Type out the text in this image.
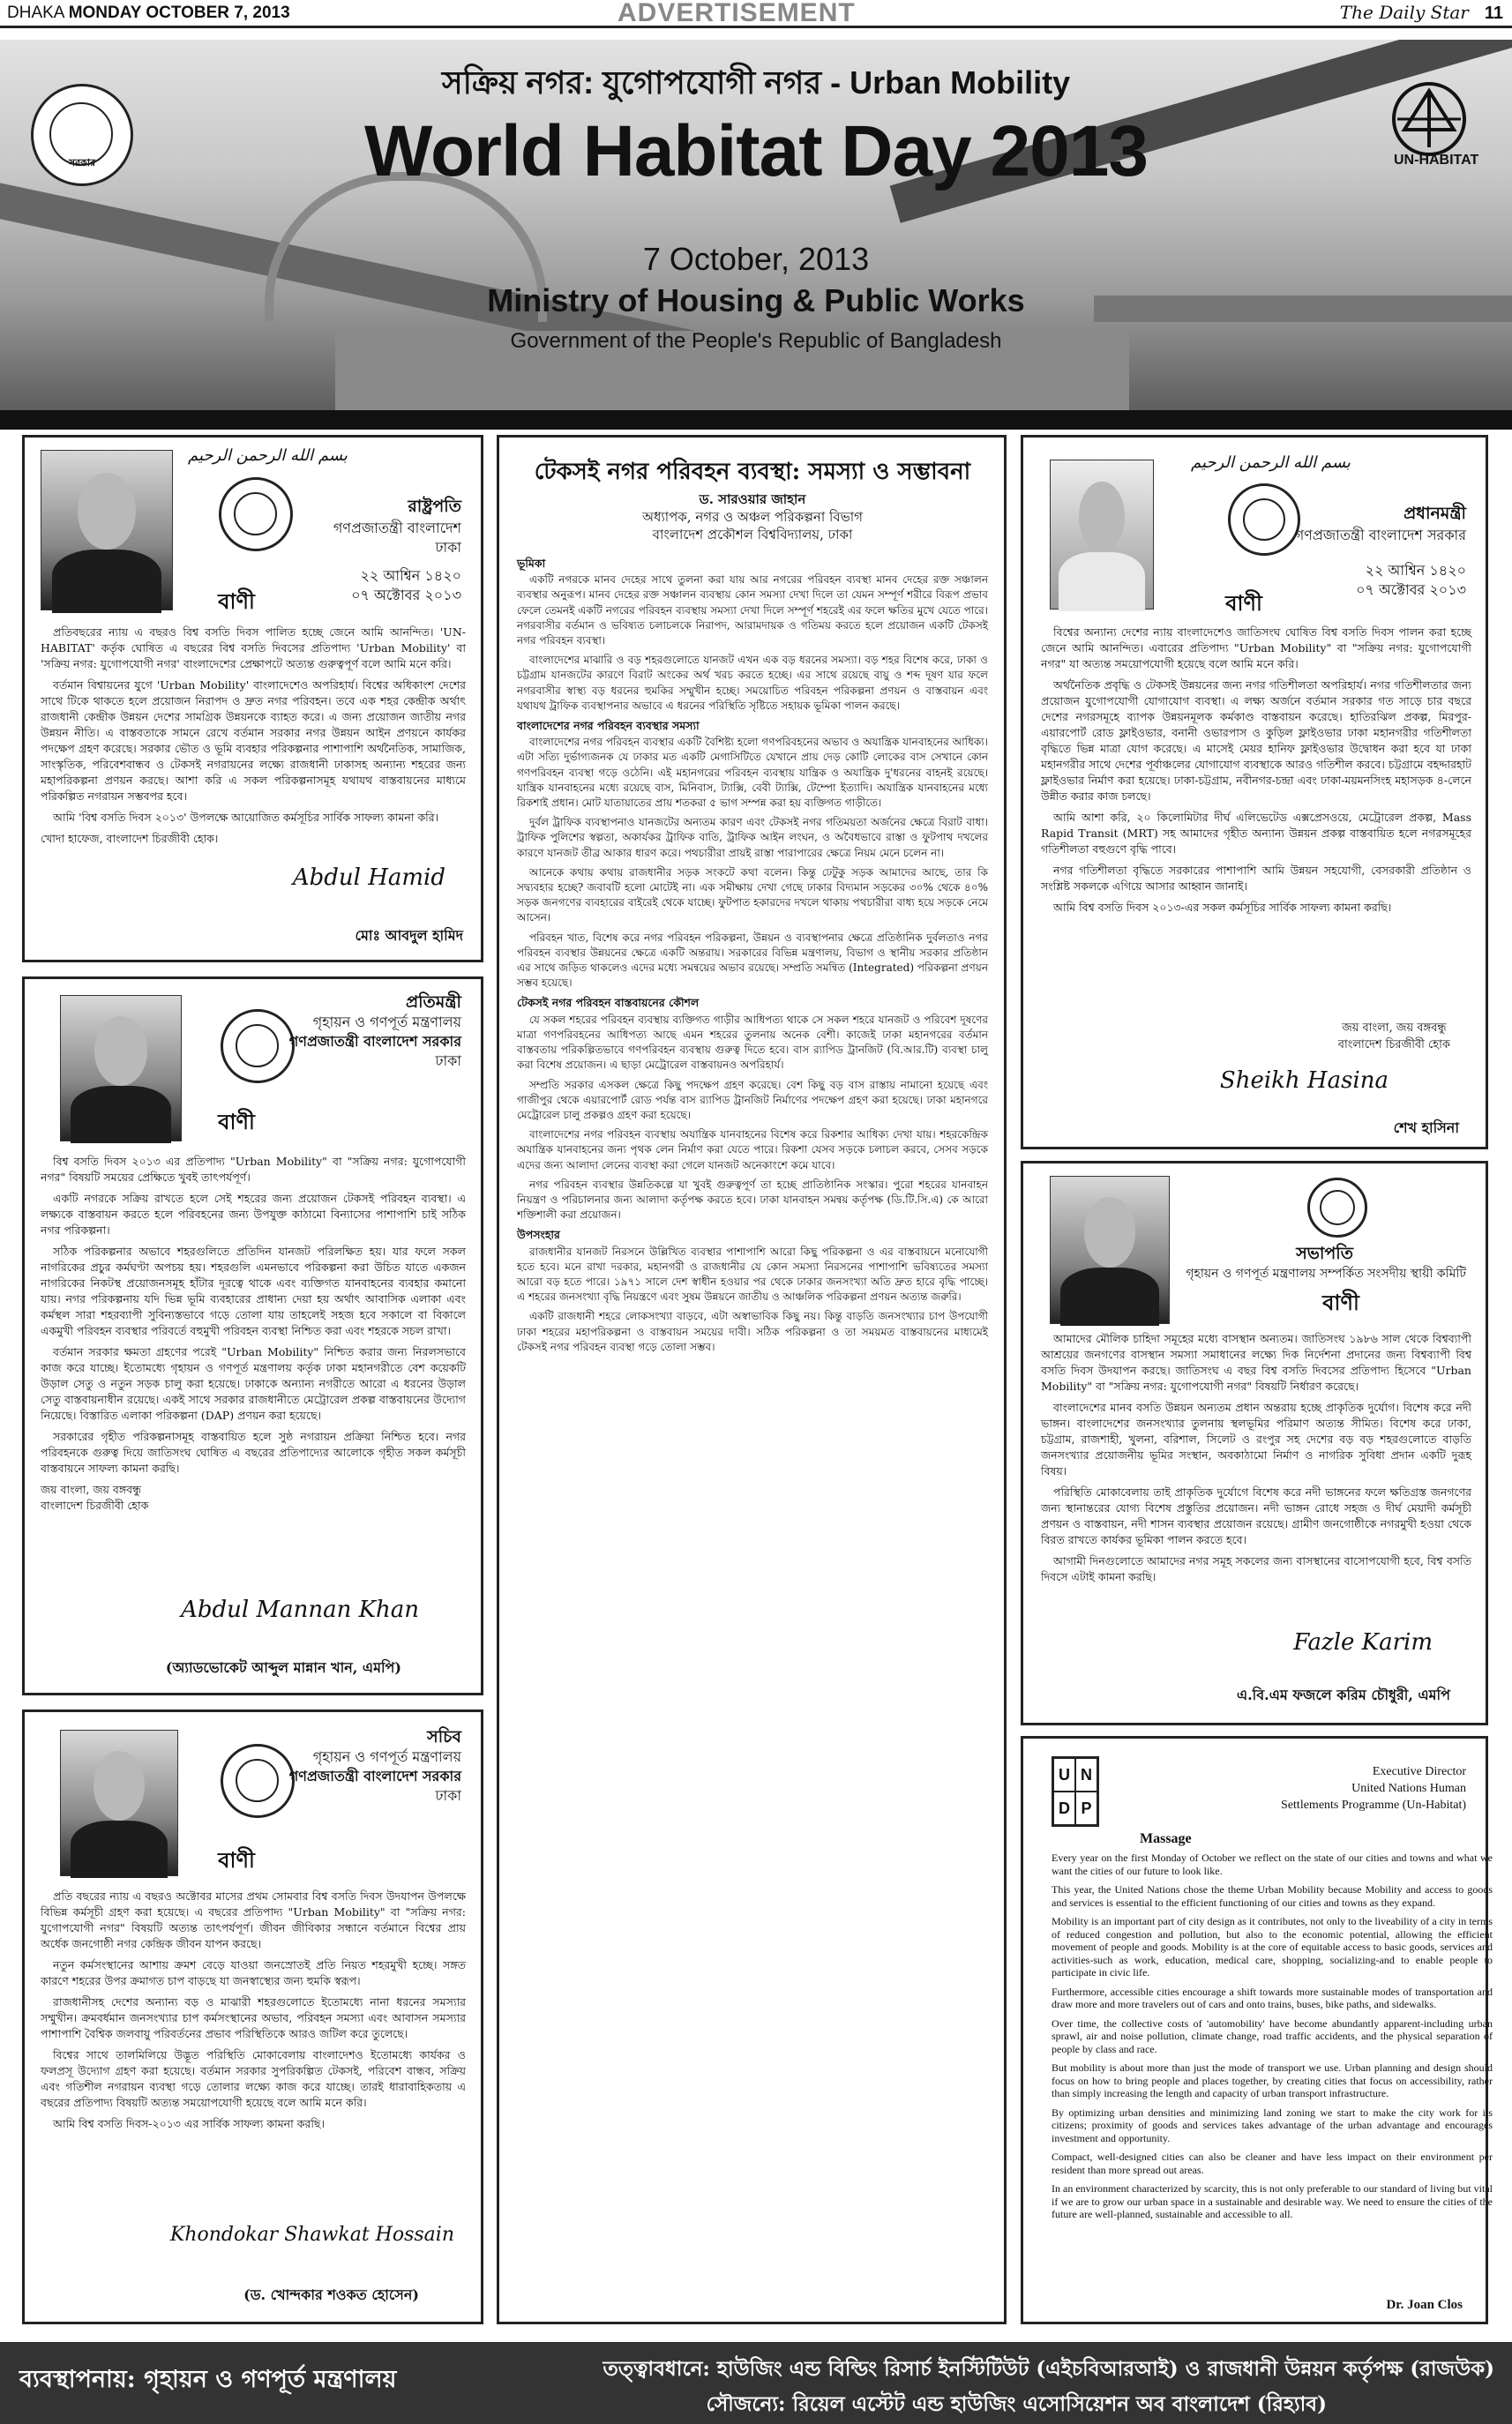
DHAKA MONDAY OCTOBER 7, 2013	ADVERTISEMENT	The Daily Star 11
সরকার	UN-HABITAT
সক্রিয় নগর: যুগোপযোগী নগর - Urban Mobility
World Habitat Day 2013
7 October, 2013
Ministry of Housing & Public Works
Government of the People's Republic of Bangladesh
بسم الله الرحمن الرحيم
রাষ্ট্রপতি
গণপ্রজাতন্ত্রী বাংলাদেশ
ঢাকা
২২ আশ্বিন ১৪২০
০৭ অক্টোবর ২০১৩
বাণী

প্রতিবছরের ন্যায় এ বছরও বিশ্ব বসতি দিবস পালিত হচ্ছে জেনে আমি আনন্দিত। 'UN-HABITAT' কর্তৃক ঘোষিত এ বছরের বিশ্ব বসতি দিবসের প্রতিপাদ্য 'Urban Mobility' বা 'সক্রিয় নগর: যুগোপযোগী নগর' বাংলাদেশের প্রেক্ষাপটে অত্যন্ত গুরুত্বপূর্ণ বলে আমি মনে করি।

বর্তমান বিশ্বায়নের যুগে 'Urban Mobility' বাংলাদেশেও অপরিহার্য। বিশ্বের অধিকাংশ দেশের সাথে টিকে থাকতে হলে প্রয়োজন নিরাপদ ও দ্রুত নগর পরিবহন। তবে এক শহর কেন্দ্রীক অর্থাৎ রাজধানী কেন্দ্রীক উন্নয়ন দেশের সামগ্রিক উন্নয়নকে ব্যাহত করে। এ জন্য প্রয়োজন জাতীয় নগর উন্নয়ন নীতি। এ বাস্তবতাকে সামনে রেখে বর্তমান সরকার নগর উন্নয়ন আইন প্রণয়নে কার্যকর পদক্ষেপ গ্রহণ করেছে। সরকার ভৌত ও ভূমি ব্যবহার পরিকল্পনার পাশাপাশি অর্থনৈতিক, সামাজিক, সাংস্কৃতিক, পরিবেশবান্ধব ও টেকসই নগরায়নের লক্ষ্যে রাজধানী ঢাকাসহ অন্যান্য শহরের জন্য মহাপরিকল্পনা প্রণয়ন করছে। আশা করি এ সকল পরিকল্পনাসমূহ যথাযথ বাস্তবায়নের মাধ্যমে পরিকল্পিত নগরায়ন সম্ভবপর হবে।

আমি 'বিশ্ব বসতি দিবস ২০১৩' উপলক্ষে আয়োজিত কর্মসূচির সার্বিক সাফল্য কামনা করি।

খোদা হাফেজ, বাংলাদেশ চিরজীবী হোক।

Abdul Hamid
মোঃ আবদুল হামিদ
প্রতিমন্ত্রী
গৃহায়ন ও গণপূর্ত মন্ত্রণালয়
গণপ্রজাতন্ত্রী বাংলাদেশ সরকার
ঢাকা
বাণী

বিশ্ব বসতি দিবস ২০১৩ এর প্রতিপাদ্য "Urban Mobility" বা "সক্রিয় নগর: যুগোপযোগী নগর" বিষয়টি সময়ের প্রেক্ষিতে খুবই তাৎপর্যপূর্ণ।

একটি নগরকে সক্রিয় রাখতে হলে সেই শহরের জন্য প্রয়োজন টেকসই পরিবহন ব্যবস্থা। এ লক্ষ্যকে বাস্তবায়ন করতে হলে পরিবহনের জন্য উপযুক্ত কাঠামো বিন্যাসের পাশাপাশি চাই সঠিক নগর পরিকল্পনা।

সঠিক পরিকল্পনার অভাবে শহরগুলিতে প্রতিদিন যানজট পরিলক্ষিত হয়। যার ফলে সকল নাগরিকের প্রচুর কর্মঘণ্টা অপচয় হয়। শহরগুলি এমনভাবে পরিকল্পনা করা উচিত যাতে একজন নাগরিকের নিকটস্থ প্রয়োজনসমূহ হাঁটার দূরত্বে থাকে এবং ব্যক্তিগত যানবাহনের ব্যবহার কমানো যায়। নগর পরিকল্পনায় যদি ভিন্ন ভূমি ব্যবহারের প্রাধান্য দেয়া হয় অর্থাৎ আবাসিক এলাকা এবং কর্মস্থল সারা শহরব্যাপী সুবিন্যস্তভাবে গড়ে তোলা যায় তাহলেই সহজ হবে সকালে বা বিকালে একমুখী পরিবহন ব্যবস্থার পরিবর্তে বহুমুখী পরিবহন ব্যবস্থা নিশ্চিত করা এবং শহরকে সচল রাখা।

বর্তমান সরকার ক্ষমতা গ্রহণের পরেই "Urban Mobility" নিশ্চিত করার জন্য নিরলসভাবে কাজ করে যাচ্ছে। ইতোমধ্যে গৃহায়ন ও গণপূর্ত মন্ত্রণালয় কর্তৃক ঢাকা মহানগরীতে বেশ কয়েকটি উড়াল সেতু ও নতুন সড়ক চালু করা হয়েছে। ঢাকাকে অন্যান্য নগরীতে আরো এ ধরনের উড়াল সেতু বাস্তবায়নাধীন রয়েছে। একই সাথে সরকার রাজধানীতে মেট্রোরেল প্রকল্প বাস্তবায়নের উদ্যোগ নিয়েছে। বিস্তারিত এলাকা পরিকল্পনা (DAP) প্রণয়ন করা হয়েছে।

সরকারের গৃহীত পরিকল্পনাসমূহ বাস্তবায়িত হলে সুষ্ঠ নগরায়ন প্রক্রিয়া নিশ্চিত হবে। নগর পরিবহনকে গুরুত্ব দিয়ে জাতিসংঘ ঘোষিত এ বছরের প্রতিপাদ্যের আলোকে গৃহীত সকল কর্মসূচী বাস্তবায়নে সাফল্য কামনা করছি।

জয় বাংলা, জয় বঙ্গবন্ধু

বাংলাদেশ চিরজীবী হোক

Abdul Mannan Khan
(অ্যাডভোকেট আব্দুল মান্নান খান, এমপি)
সচিব
গৃহায়ন ও গণপূর্ত মন্ত্রণালয়
গণপ্রজাতন্ত্রী বাংলাদেশ সরকার
ঢাকা
বাণী

প্রতি বছরের ন্যায় এ বছরও অক্টোবর মাসের প্রথম সোমবার বিশ্ব বসতি দিবস উদযাপন উপলক্ষে বিভিন্ন কর্মসূচী গ্রহণ করা হয়েছে। এ বছরের প্রতিপাদ্য "Urban Mobility" বা "সক্রিয় নগর: যুগোপযোগী নগর" বিষয়টি অত্যন্ত তাৎপর্যপূর্ণ। জীবন জীবিকার সন্ধানে বর্তমানে বিশ্বের প্রায় অর্ধেক জনগোষ্ঠী নগর কেন্দ্রিক জীবন যাপন করছে।

নতুন কর্মসংস্থানের আশায় ক্রমশ বেড়ে যাওয়া জনস্রোতই প্রতি নিয়ত শহরমুখী হচ্ছে। সঙ্গত কারণে শহরের উপর ক্রমাগত চাপ বাড়ছে যা জনস্বাস্থ্যের জন্য হুমকি স্বরূপ।

রাজধানীসহ দেশের অন্যান্য বড় ও মাঝারী শহরগুলোতে ইতোমধ্যে নানা ধরনের সমস্যার সম্মুখীন। ক্রমবর্ধমান জনসংখ্যার চাপ কর্মসংস্থানের অভাব, পরিবহন সমস্যা এবং আবাসন সমস্যার পাশাপাশি বৈশ্বিক জলবায়ু পরিবর্তনের প্রভাব পরিস্থিতিকে আরও জটিল করে তুলেছে।

বিশ্বের সাথে তালমিলিয়ে উদ্ভূত পরিস্থিতি মোকাবেলায় বাংলাদেশও ইতোমধ্যে কার্যকর ও ফলপ্রসূ উদ্যোগ গ্রহণ করা হয়েছে। বর্তমান সরকার সুপরিকল্পিত টেকসই, পরিবেশ বান্ধব, সক্রিয় এবং গতিশীল নগরায়ন ব্যবস্থা গড়ে তোলার লক্ষ্যে কাজ করে যাচ্ছে। তারই ধারাবাহিকতায় এ বছরের প্রতিপাদ্য বিষয়টি অত্যন্ত সময়োপযোগী হয়েছে বলে আমি মনে করি।

আমি বিশ্ব বসতি দিবস-২০১৩ এর সার্বিক সাফল্য কামনা করছি।

Khondokar Shawkat Hossain
(ড. খোন্দকার শওকত হোসেন)
টেকসই নগর পরিবহন ব্যবস্থা: সমস্যা ও সম্ভাবনা
ড. সারওয়ার জাহান
অধ্যাপক, নগর ও অঞ্চল পরিকল্পনা বিভাগ
বাংলাদেশ প্রকৌশল বিশ্ববিদ্যালয়, ঢাকা
ভূমিকা

একটি নগরকে মানব দেহের সাথে তুলনা করা যায় আর নগরের পরিবহন ব্যবস্থা মানব দেহের রক্ত সঞ্চালন ব্যবস্থার অনুরূপ। মানব দেহের রক্ত সঞ্চালন ব্যবস্থায় কোন সমস্যা দেখা দিলে তা যেমন সম্পূর্ণ শরীরে বিরূপ প্রভাব ফেলে তেমনই একটি নগরের পরিবহন ব্যবস্থায় সমস্যা দেখা দিলে সম্পূর্ণ শহরেই এর ফলে ক্ষতির মুখে যেতে পারে। নগরবাসীর বর্তমান ও ভবিষ্যত চলাচলকে নিরাপদ, আরামদায়ক ও গতিময় করতে হলে প্রয়োজন একটি টেকসই নগর পরিবহন ব্যবস্থা।

বাংলাদেশের মাঝারি ও বড় শহরগুলোতে যানজট এখন এক বড় ধরনের সমস্যা। বড় শহর বিশেষ করে, ঢাকা ও চট্টগ্রাম যানজটের কারণে বিরাট অংকের অর্থ খরচ করতে হচ্ছে। এর সাথে রয়েছে বায়ু ও শব্দ দূষণ যার ফলে নগরবাসীর স্বাস্থ্য বড় ধরনের হুমকির সম্মুখীন হচ্ছে। সময়োচিত পরিবহন পরিকল্পনা প্রণয়ন ও বাস্তবায়ন এবং যথাযথ ট্রাফিক ব্যবস্থাপনার অভাবে এ ধরনের পরিস্থিতি সৃষ্টিতে সহায়ক ভূমিকা পালন করছে।

বাংলাদেশের নগর পরিবহন ব্যবস্থার সমস্যা

বাংলাদেশের নগর পরিবহন ব্যবস্থার একটি বৈশিষ্ট্য হলো গণপরিবহনের অভাব ও অযান্ত্রিক যানবাহনের আধিক্য। এটা সত্যি দুর্ভাগ্যজনক যে ঢাকার মত একটি মেগাসিটিতে যেখানে প্রায় দেড় কোটি লোকের বাস সেখানে কোন গণপরিবহন ব্যবস্থা গড়ে ওঠেনি। এই মহানগরের পরিবহন ব্যবস্থায় যান্ত্রিক ও অযান্ত্রিক দু'ধরনের বাহনই রয়েছে। যান্ত্রিক যানবাহনের মধ্যে রয়েছে বাস, মিনিবাস, ট্যাক্সি, বেবী ট্যাক্সি, টেম্পো ইত্যাদি। অযান্ত্রিক যানবাহনের মধ্যে রিকশাই প্রধান। মোট যাতায়াতের প্রায় শতকরা ৫ ভাগ সম্পন্ন করা হয় ব্যক্তিগত গাড়ীতে।

দুর্বল ট্রাফিক ব্যবস্থাপনাও যানজটের অন্যতম কারণ এবং টেকসই নগর গতিময়তা অর্জনের ক্ষেত্রে বিরাট বাধা। ট্রাফিক পুলিশের স্বল্পতা, অকার্যকর ট্রাফিক বাতি, ট্রাফিক আইন লংঘন, ও অবৈধভাবে রাস্তা ও ফুটপাথ দখলের কারণে যানজট তীব্র আকার ধারণ করে। পথচারীরা প্রায়ই রাস্তা পারাপারের ক্ষেত্রে নিয়ম মেনে চলেন না।

আনেকে কথায় কথায় রাজধানীর সড়ক সংকটে কথা বলেন। কিন্তু ঢেটুকু সড়ক আমাদের আছে, তার কি সদ্ব্যবহার হচ্ছে? জবাবটি হলো মোটেই না। এক সমীক্ষায় দেখা গেছে ঢাকার বিদ্যমান সড়কের ৩০% থেকে ৪০% সড়ক জনগণের ব্যবহারের বাইরেই থেকে যাচ্ছে। ফুটপাত হকারদের দখলে থাকায় পথচারীরা বাধ্য হয়ে সড়কে নেমে আসেন।

পরিবহন খাত, বিশেষ করে নগর পরিবহন পরিকল্পনা, উন্নয়ন ও ব্যবস্থাপনার ক্ষেত্রে প্রতিষ্ঠানিক দুর্বলতাও নগর পরিবহন ব্যবস্থার উন্নয়নের ক্ষেত্রে একটি অন্তরায়। সরকারের বিভিন্ন মন্ত্রণালয়, বিভাগ ও স্থানীয় সরকার প্রতিষ্ঠান এর সাথে জড়িত থাকলেও এদের মধ্যে সমন্বয়ের অভাব রয়েছে। সম্প্রতি সমন্বিত (Integrated) পরিকল্পনা প্রণয়ন সম্ভব হয়েছে।

টেকসই নগর পরিবহন বাস্তবায়নের কৌশল

যে সকল শহরের পরিবহন ব্যবস্থায় ব্যক্তিগত গাড়ীর আধিপত্য থাকে সে সকল শহরে যানজট ও পরিবেশ দূষণের মাত্রা গণপরিবহনের আধিপত্য আছে এমন শহরের তুলনায় অনেক বেশী। কাজেই ঢাকা মহানগরের বর্তমান বাস্তবতায় পরিকল্পিতভাবে গণপরিবহন ব্যবস্থায় গুরুত্ব দিতে হবে। বাস র‍্যাপিড ট্রানজিট (বি.আর.টি) ব্যবস্থা চালু করা বিশেষ প্রয়োজন। এ ছাড়া মেট্রোরেল বাস্তবায়নও অপরিহার্য।

সম্প্রতি সরকার এসকল ক্ষেত্রে কিছু পদক্ষেপ গ্রহণ করেছে। বেশ কিছু বড় বাস রাস্তায় নামানো হয়েছে এবং গাজীপুর থেকে এয়ারপোর্ট রোড পর্যন্ত বাস র‍্যাপিড ট্রানজিট নির্মাণের পদক্ষেপ গ্রহণ করা হয়েছে। ঢাকা মহানগরে মেট্রোরেল চালু প্রকল্পও গ্রহণ করা হয়েছে।

বাংলাদেশের নগর পরিবহন ব্যবস্থায় অযান্ত্রিক যানবাহনের বিশেষ করে রিকশার আধিক্য দেখা যায়। শহরকেন্দ্রিক অযান্ত্রিক যানবাহনের জন্য পৃথক লেন নির্মাণ করা যেতে পারে। রিকশা যেসব সড়কে চলাচল করবে, সেসব সড়কে এদের জন্য আলাদা লেনের ব্যবস্থা করা গেলে যানজট অনেকাংশে কমে যাবে।

নগর পরিবহন ব্যবস্থার উন্নতিকল্পে যা খুবই গুরুত্বপূর্ণ তা হচ্ছে প্রাতিষ্ঠানিক সংস্কার। পুরো শহরের যানবাহন নিয়ন্ত্রণ ও পরিচালনার জন্য আলাদা কর্তৃপক্ষ করতে হবে। ঢাকা যানবাহন সমন্বয় কর্তৃপক্ষ (ডি.টি.সি.এ) কে আরো শক্তিশালী করা প্রয়োজন।

উপসংহার

রাজধানীর যানজট নিরসনে উল্লিখিত ব্যবস্থার পাশাপাশি আরো কিছু পরিকল্পনা ও এর বাস্তবায়নে মনোযোগী হতে হবে। মনে রাখা দরকার, মহানগরী ও রাজধানীর যে কোন সমস্যা নিরসনের পাশাপাশি ভবিষ্যতের সমস্যা আরো বড় হতে পারে। ১৯৭১ সালে দেশ স্বাধীন হওয়ার পর থেকে ঢাকার জনসংখ্যা অতি দ্রুত হারে বৃদ্ধি পাচ্ছে। এ শহরের জনসংখ্যা বৃদ্ধি নিয়ন্ত্রণে এবং সুষম উন্নয়নে জাতীয় ও আঞ্চলিক পরিকল্পনা প্রণয়ন অত্যন্ত জরুরি।

একটি রাজধানী শহরে লোকসংখ্যা বাড়বে, এটা অস্বাভাবিক কিছু নয়। কিন্তু বাড়তি জনসংখ্যার চাপ উপযোগী ঢাকা শহরের মহাপরিকল্পনা ও বাস্তবায়ন সময়ের দাবী। সঠিক পরিকল্পনা ও তা সময়মত বাস্তবায়নের মাধ্যমেই টেকসই নগর পরিবহন ব্যবস্থা গড়ে তোলা সম্ভব।

بسم الله الرحمن الرحيم
প্রধানমন্ত্রী
গণপ্রজাতন্ত্রী বাংলাদেশ সরকার
২২ আশ্বিন ১৪২০
০৭ অক্টোবর ২০১৩
বাণী

বিশ্বের অন্যান্য দেশের ন্যায় বাংলাদেশেও জাতিসংঘ ঘোষিত বিশ্ব বসতি দিবস পালন করা হচ্ছে জেনে আমি আনন্দিত। এবারের প্রতিপাদ্য "Urban Mobility" বা "সক্রিয় নগর: যুগোপযোগী নগর" যা অত্যন্ত সময়োপযোগী হয়েছে বলে আমি মনে করি।

অর্থনৈতিক প্রবৃদ্ধি ও টেকসই উন্নয়নের জন্য নগর গতিশীলতা অপরিহার্য। নগর গতিশীলতার জন্য প্রয়োজন যুগোপযোগী যোগাযোগ ব্যবস্থা। এ লক্ষ্য অর্জনে বর্তমান সরকার গত সাড়ে চার বছরে দেশের নগরসমূহে ব্যাপক উন্নয়নমূলক কর্মকাণ্ড বাস্তবায়ন করেছে। হাতিরঝিল প্রকল্প, মিরপুর-এয়ারপোর্ট রোড ফ্লাইওভার, বনানী ওভারপাস ও কুড়িল ফ্লাইওভার ঢাকা মহানগরীর গতিশীলতা বৃদ্ধিতে ভিন্ন মাত্রা যোগ করেছে। এ মাসেই মেয়র হানিফ ফ্লাইওভার উদ্বোধন করা হবে যা ঢাকা মহানগরীর সাথে দেশের পূর্বাঞ্চলের যোগাযোগ ব্যবস্থাকে আরও গতিশীল করবে। চট্টগ্রামে বহদ্দারহাট ফ্লাইওভার নির্মাণ করা হয়েছে। ঢাকা-চট্টগ্রাম, নবীনগর-চন্দ্রা এবং ঢাকা-ময়মনসিংহ মহাসড়ক ৪-লেনে উন্নীত করার কাজ চলছে।

আমি আশা করি, ২০ কিলোমিটার দীর্ঘ এলিভেটেড এক্সপ্রেসওয়ে, মেট্রোরেল প্রকল্প, Mass Rapid Transit (MRT) সহ আমাদের গৃহীত অন্যান্য উন্নয়ন প্রকল্প বাস্তবায়িত হলে নগরসমূহের গতিশীলতা বহুগুণে বৃদ্ধি পাবে।

নগর গতিশীলতা বৃদ্ধিতে সরকারের পাশাপাশি আমি উন্নয়ন সহযোগী, বেসরকারী প্রতিষ্ঠান ও সংশ্লিষ্ট সকলকে এগিয়ে আসার আহ্বান জানাই।

আমি বিশ্ব বসতি দিবস ২০১৩-এর সকল কর্মসূচির সার্বিক সাফল্য কামনা করছি।

জয় বাংলা, জয় বঙ্গবন্ধু
বাংলাদেশ চিরজীবী হোক
Sheikh Hasina
শেখ হাসিনা
সভাপতি
গৃহায়ন ও গণপূর্ত মন্ত্রণালয় সম্পর্কিত সংসদীয় স্থায়ী কমিটি
বাণী

আমাদের মৌলিক চাহিদা সমূহের মধ্যে বাসস্থান অন্যতম। জাতিসংঘ ১৯৮৬ সাল থেকে বিশ্বব্যাপী আশ্রয়ের জনগণের বাসস্থান সমস্যা সমাধানের লক্ষ্যে দিক নির্দেশনা প্রদানের জন্য বিশ্বব্যাপী বিশ্ব বসতি দিবস উদযাপন করছে। জাতিসংঘ এ বছর বিশ্ব বসতি দিবসের প্রতিপাদ্য হিসেবে "Urban Mobility" বা "সক্রিয় নগর: যুগোপযোগী নগর" বিষয়টি নির্ধারণ করেছে।

বাংলাদেশের মানব বসতি উন্নয়ন অন্যতম প্রধান অন্তরায় হচ্ছে প্রাকৃতিক দুর্যোগ। বিশেষ করে নদী ভাঙ্গন। বাংলাদেশের জনসংখ্যার তুলনায় স্থলভূমির পরিমাণ অত্যন্ত সীমিত। বিশেষ করে ঢাকা, চট্টগ্রাম, রাজশাহী, খুলনা, বরিশাল, সিলেট ও রংপুর সহ দেশের বড় বড় শহরগুলোতে বাড়তি জনসংখ্যার প্রয়োজনীয় ভূমির সংস্থান, অবকাঠামো নির্মাণ ও নাগরিক সুবিধা প্রদান একটি দুরূহ বিষয়।

পরিস্থিতি মোকাবেলায় তাই প্রাকৃতিক দুর্যোগে বিশেষ করে নদী ভাঙ্গনের ফলে ক্ষতিগ্রস্ত জনগণের জন্য স্থানান্তরের যোগ্য বিশেষ প্রস্তুতির প্রয়োজন। নদী ভাঙ্গন রোধে সহজ ও দীর্ঘ মেয়াদী কর্মসূচী প্রণয়ন ও বাস্তবায়ন, নদী শাসন ব্যবস্থার প্রয়োজন রয়েছে। গ্রামীণ জনগোষ্ঠীকে নগরমুখী হওয়া থেকে বিরত রাখতে কার্যকর ভূমিকা পালন করতে হবে।

আগামী দিনগুলোতে আমাদের নগর সমূহ সকলের জন্য বাসস্থানের বাসোপযোগী হবে, বিশ্ব বসতি দিবসে এটাই কামনা করছি।

Fazle Karim
এ.বি.এম ফজলে করিম চৌধুরী, এমপি
U N
D P
Executive Director
United Nations Human
Settlements Programme (Un-Habitat)
Massage

Every year on the first Monday of October we reflect on the state of our cities and towns and what we want the cities of our future to look like.

This year, the United Nations chose the theme Urban Mobility because Mobility and access to goods and services is essential to the efficient functioning of our cities and towns as they expand.

Mobility is an important part of city design as it contributes, not only to the liveability of a city in terms of reduced congestion and pollution, but also to the economic potential, allowing the efficient movement of people and goods. Mobility is at the core of equitable access to basic goods, services and activities-such as work, education, medical care, shopping, socializing-and to enable people to participate in civic life.

Furthermore, accessible cities encourage a shift towards more sustainable modes of transportation and draw more and more travelers out of cars and onto trains, buses, bike paths, and sidewalks.

Over time, the collective costs of 'automobility' have become abundantly apparent-including urban sprawl, air and noise pollution, climate change, road traffic accidents, and the physical separation of people by class and race.

But mobility is about more than just the mode of transport we use. Urban planning and design should focus on how to bring people and places together, by creating cities that focus on accessibility, rather than simply increasing the length and capacity of urban transport infrastructure.

By optimizing urban densities and minimizing land zoning we start to make the city work for its citizens; proximity of goods and services takes advantage of the urban advantage and encourages investment and opportunity.

Compact, well-designed cities can also be cleaner and have less impact on their environment per resident than more spread out areas.

In an environment characterized by scarcity, this is not only preferable to our standard of living but vital if we are to grow our urban space in a sustainable and desirable way. We need to ensure the cities of the future are well-planned, sustainable and accessible to all.

Dr. Joan Clos
ব্যবস্থাপনায়: গৃহায়ন ও গণপূর্ত মন্ত্রণালয়	তত্ত্বাবধানে: হাউজিং এন্ড বিল্ডিং রিসার্চ ইনস্টিটিউট (এইচবিআরআই) ও রাজধানী উন্নয়ন কর্তৃপক্ষ (রাজউক)
সৌজন্যে: রিয়েল এস্টেট এন্ড হাউজিং এসোসিয়েশন অব বাংলাদেশ (রিহ্যাব)
